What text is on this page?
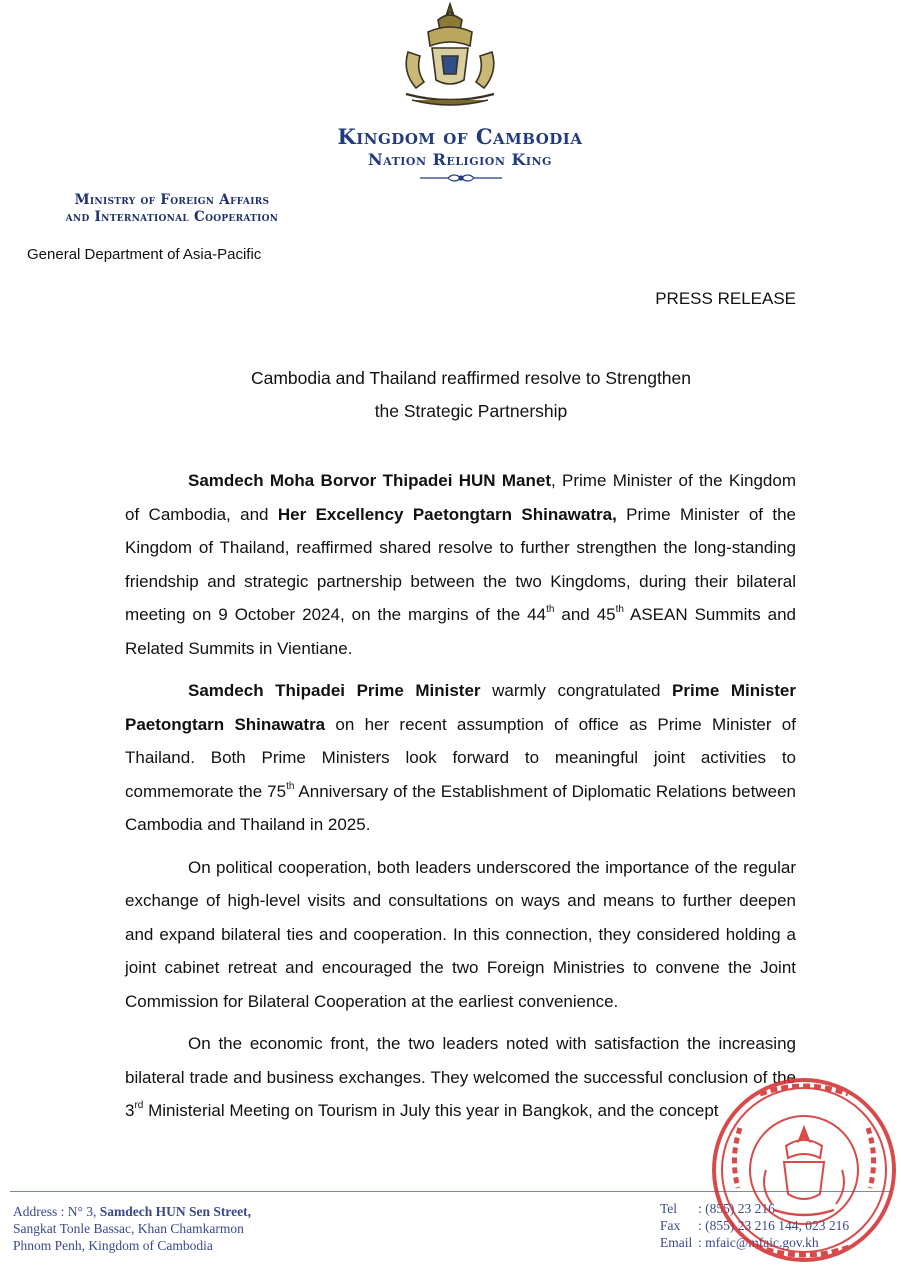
Kingdom of Cambodia
Nation Religion King
Ministry of Foreign Affairs
and International Cooperation
General Department of Asia-Pacific
PRESS RELEASE
Cambodia and Thailand reaffirmed resolve to Strengthen
the Strategic Partnership

Samdech Moha Borvor Thipadei HUN Manet, Prime Minister of the Kingdom of Cambodia, and Her Excellency Paetongtarn Shinawatra, Prime Minister of the Kingdom of Thailand, reaffirmed shared resolve to further strengthen the long-standing friendship and strategic partnership between the two Kingdoms, during their bilateral meeting on 9 October 2024, on the margins of the 44th and 45th ASEAN Summits and Related Summits in Vientiane.

Samdech Thipadei Prime Minister warmly congratulated Prime Minister Paetongtarn Shinawatra on her recent assumption of office as Prime Minister of Thailand. Both Prime Ministers look forward to meaningful joint activities to commemorate the 75th Anniversary of the Establishment of Diplomatic Relations between Cambodia and Thailand in 2025.

On political cooperation, both leaders underscored the importance of the regular exchange of high-level visits and consultations on ways and means to further deepen and expand bilateral ties and cooperation. In this connection, they considered holding a joint cabinet retreat and encouraged the two Foreign Ministries to convene the Joint Commission for Bilateral Cooperation at the earliest convenience.

On the economic front, the two leaders noted with satisfaction the increasing bilateral trade and business exchanges. They welcomed the successful conclusion of the 3rd Ministerial Meeting on Tourism in July this year in Bangkok, and the concept

Address : N° 3, Samdech HUN Sen Street,
Sangkat Tonle Bassac, Khan Chamkarmon
Phnom Penh, Kingdom of Cambodia
Tel	: (855) 23 216
Fax	: (855) 23 216 144, 023 216
Email : mfaic@mfaic.gov.kh
